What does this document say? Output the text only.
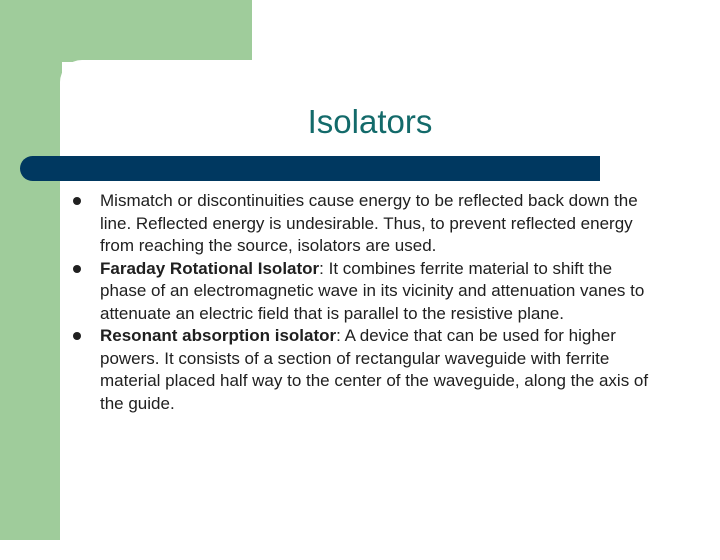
Isolators
Mismatch or discontinuities cause energy to be reflected back down the line. Reflected energy is undesirable. Thus, to prevent reflected energy from reaching the source, isolators are used.
Faraday Rotational Isolator: It combines ferrite material to shift the phase of an electromagnetic wave in its vicinity and attenuation vanes to attenuate an electric field that is parallel to the resistive plane.
Resonant absorption isolator: A device that can be used for higher powers. It consists of a section of rectangular waveguide with ferrite material placed half way to the center of the waveguide, along the axis of the guide.
